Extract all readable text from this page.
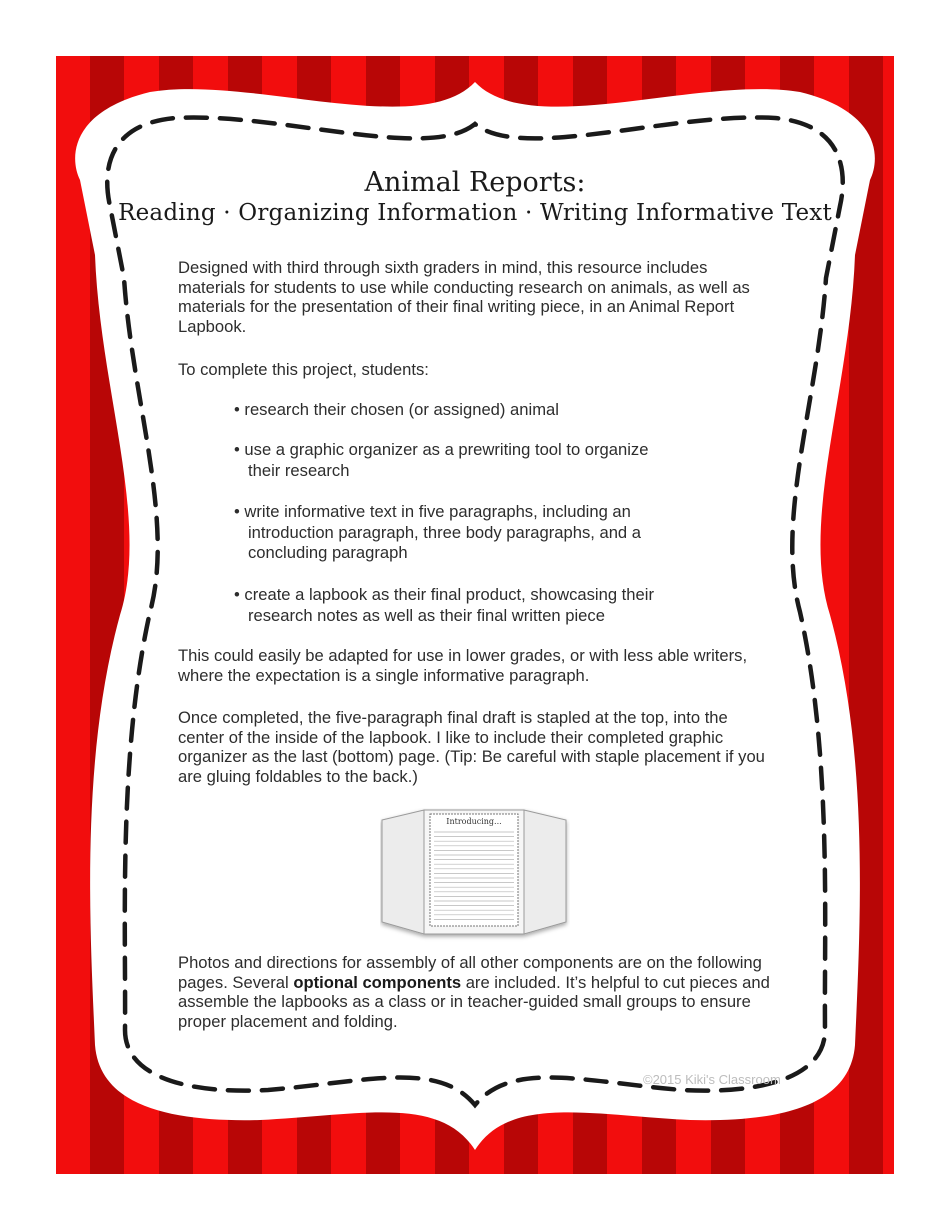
Animal Reports:
Reading · Organizing Information · Writing Informative Text
Designed with third through sixth graders in mind, this resource includes materials for students to use while conducting research on animals, as well as materials for the presentation of their final writing piece, in an Animal Report Lapbook.
To complete this project, students:
• research their chosen (or assigned) animal
• use a graphic organizer as a prewriting tool to organize
their research
• write informative text in five paragraphs, including an
introduction paragraph, three body paragraphs, and a
concluding paragraph
• create a lapbook as their final product, showcasing their
research notes as well as their final written piece
This could easily be adapted for use in lower grades, or with less able writers, where the expectation is a single informative paragraph.
Once completed, the five-paragraph final draft is stapled at the top, into the center of the inside of the lapbook. I like to include their completed graphic organizer as the last (bottom) page. (Tip: Be careful with staple placement if you are gluing foldables to the back.)
Introducing...
Photos and directions for assembly of all other components are on the following pages. Several optional components are included. It’s helpful to cut pieces and assemble the lapbooks as a class or in teacher-guided small groups to ensure proper placement and folding.
©2015 Kiki's Classroom
